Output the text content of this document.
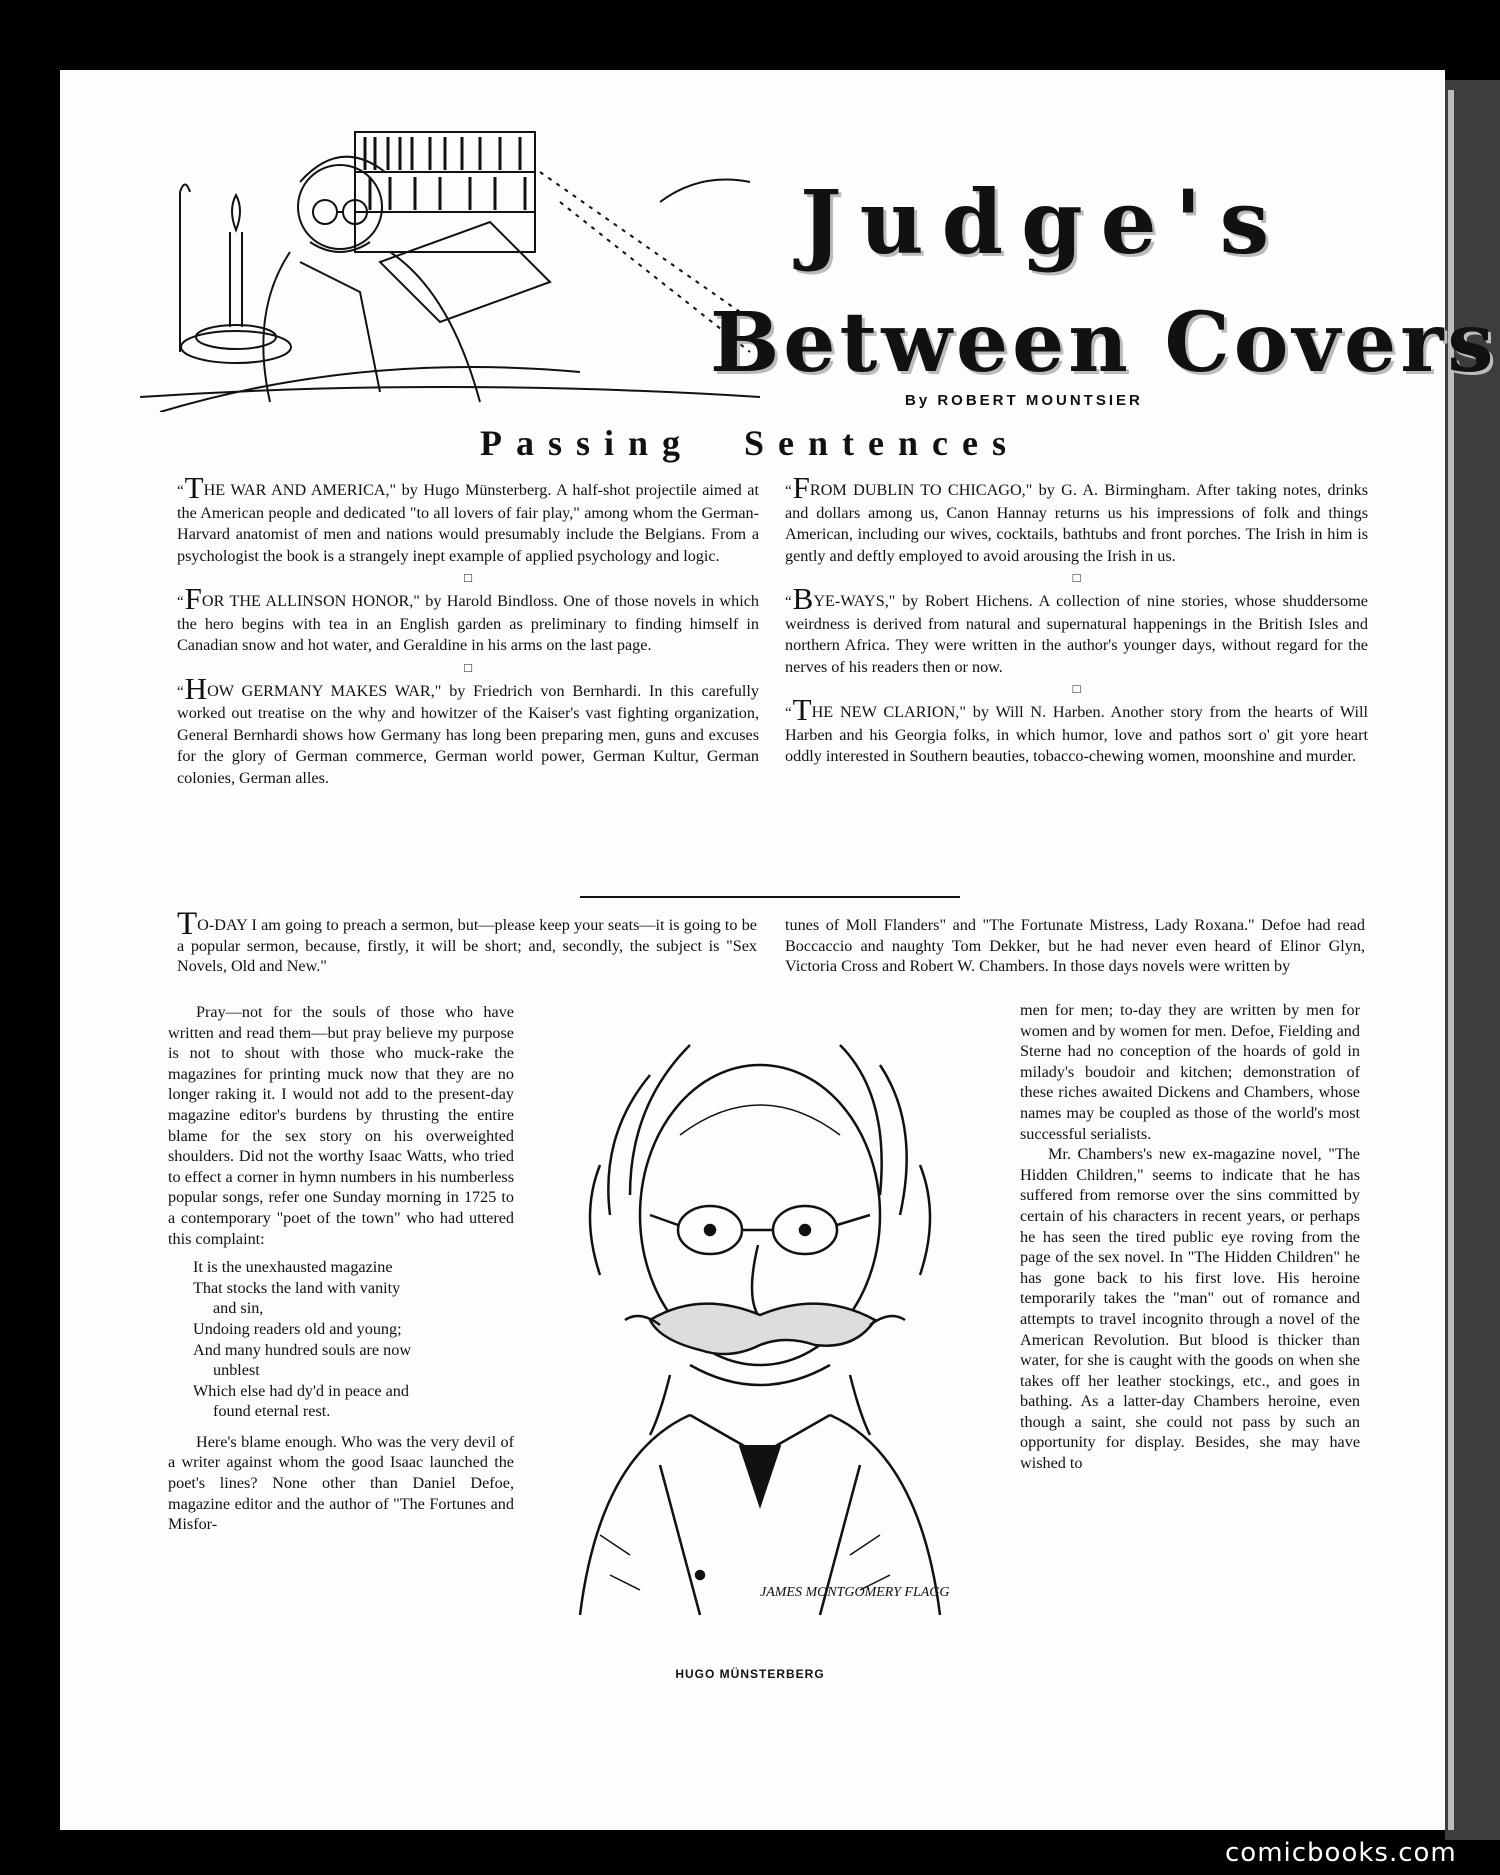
Judge's
Between Covers
By ROBERT MOUNTSIER
Passing Sentences

“THE WAR AND AMERICA," by Hugo Münsterberg. A half-shot projectile aimed at the American people and dedicated "to all lovers of fair play," among whom the German-Harvard anatomist of men and nations would presumably include the Belgians. From a psychologist the book is a strangely inept example of applied psychology and logic.

□

“FOR THE ALLINSON HONOR," by Harold Bindloss. One of those novels in which the hero begins with tea in an English garden as preliminary to finding himself in Canadian snow and hot water, and Geraldine in his arms on the last page.

□

“HOW GERMANY MAKES WAR," by Friedrich von Bernhardi. In this carefully worked out treatise on the why and howitzer of the Kaiser's vast fighting organization, General Bernhardi shows how Germany has long been preparing men, guns and excuses for the glory of German commerce, German world power, German Kultur, German colonies, German alles.

“FROM DUBLIN TO CHICAGO," by G. A. Birmingham. After taking notes, drinks and dollars among us, Canon Hannay returns us his impressions of folk and things American, including our wives, cocktails, bathtubs and front porches. The Irish in him is gently and deftly employed to avoid arousing the Irish in us.

□

“BYE-WAYS," by Robert Hichens. A collection of nine stories, whose shuddersome weirdness is derived from natural and supernatural happenings in the British Isles and northern Africa. They were written in the author's younger days, without regard for the nerves of his readers then or now.

□

“THE NEW CLARION," by Will N. Harben. Another story from the hearts of Will Harben and his Georgia folks, in which humor, love and pathos sort o' git yore heart oddly interested in Southern beauties, tobacco-chewing women, moonshine and murder.

TO-DAY I am going to preach a sermon, but—please keep your seats—it is going to be a popular sermon, because, firstly, it will be short; and, secondly, the subject is "Sex Novels, Old and New."

Pray—not for the souls of those who have written and read them—but pray believe my purpose is not to shout with those who muck-rake the magazines for printing muck now that they are no longer raking it. I would not add to the present-day magazine editor's burdens by thrusting the entire blame for the sex story on his overweighted shoulders. Did not the worthy Isaac Watts, who tried to effect a corner in hymn numbers in his numberless popular songs, refer one Sunday morning in 1725 to a contemporary "poet of the town" who had uttered this complaint:

It is the unexhausted magazine
That stocks the land with vanity

and sin,
Undoing readers old and young;
And many hundred souls are now

unblest
Which else had dy'd in peace and

found eternal rest.

Here's blame enough. Who was the very devil of a writer against whom the good Isaac launched the poet's lines? None other than Daniel Defoe, magazine editor and the author of "The Fortunes and Misfor-

tunes of Moll Flanders" and "The Fortunate Mistress, Lady Roxana." Defoe had read Boccaccio and naughty Tom Dekker, but he had never even heard of Elinor Glyn, Victoria Cross and Robert W. Chambers. In those days novels were written by

men for men; to-day they are written by men for women and by women for men. Defoe, Fielding and Sterne had no conception of the hoards of gold in milady's boudoir and kitchen; demonstration of these riches awaited Dickens and Chambers, whose names may be coupled as those of the world's most successful serialists.

Mr. Chambers's new ex-magazine novel, "The Hidden Children," seems to indicate that he has suffered from remorse over the sins committed by certain of his characters in recent years, or perhaps he has seen the tired public eye roving from the page of the sex novel. In "The Hidden Children" he has gone back to his first love. His heroine temporarily takes the "man" out of romance and attempts to travel incognito through a novel of the American Revolution. But blood is thicker than water, for she is caught with the goods on when she takes off her leather stockings, etc., and goes in bathing. As a latter-day Chambers heroine, even though a saint, she could not pass by such an opportunity for display. Besides, she may have wished to

JAMES MONTGOMERY FLAGG
HUGO MÜNSTERBERG
comicbooks.com
